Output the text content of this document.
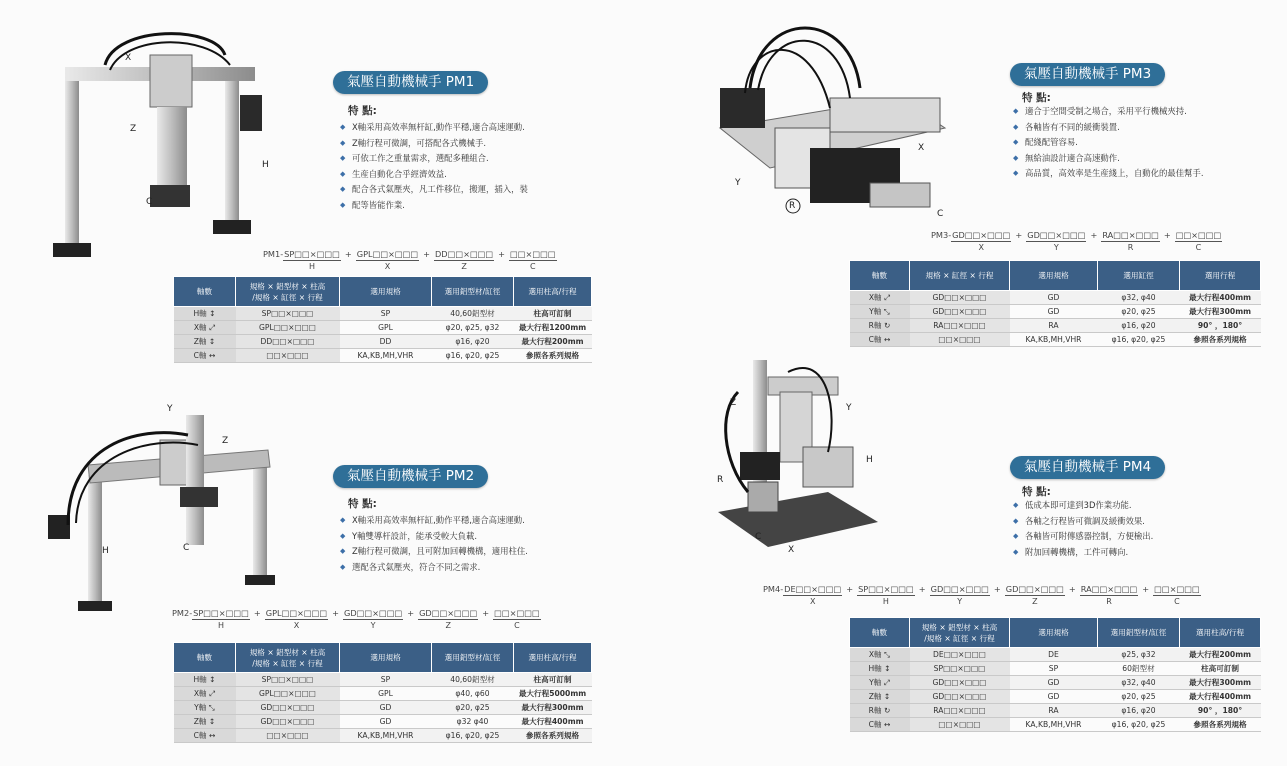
X
Z
H
C
氣壓自動機械手 PM1
特 點:
◆ X軸采用高效率無杆缸,動作平穩,適合高速運動.
◆ Z軸行程可微調，可搭配各式機械手.
◆ 可依工作之重量需求，選配多種組合.
◆ 生産自動化合乎經濟效益.
◆ 配合各式氣壓夾，凡工件移位，搬運，插入，裝
◆ 配等皆能作業.
$PM1- \frac{SP□□\times□□□}{H}$ + GPL□□×□□□
X
+ $\frac{DD□□\times□□□}{Z}$ + □□×□□□
C
軸數	規格 × 鋁型材 × 柱高
/規格 × 缸徑 × 行程	選用規格	選用鋁型材/缸徑	選用柱高/行程
H軸 ↕	SP□□×□□□	SP	40,60鋁型材	柱高可訂制
X軸 ⤢	GPL□□×□□□	GPL	φ20, φ25, φ32	最大行程1200mm
Z軸 ↕	DD□□×□□□	DD	φ16, φ20	最大行程200mm
C軸 ↔	□□×□□□	KA,KB,MH,VHR	φ16, φ20, φ25	參照各系列規格
Y
Z
H	C
氣壓自動機械手 PM2
特 點:
◆ X軸采用高效率無杆缸,動作平穩,適合高速運動.
◆ Y軸雙導杆設計，能承受較大負載.
◆ Z軸行程可微調，且可附加回轉機構，適用柱住.
◆ 選配各式氣壓夾，符合不同之需求.
$PM2- \frac{SP□□\times□□□}{H}$ + GPL□□×□□□
X
+ $\frac{GD□□\times□□□}{Y} + \frac{GD□□\times□□□}{Z}$ + □□×□□□
C
軸數	規格 × 鋁型材 × 柱高
/規格 × 缸徑 × 行程	選用規格	選用鋁型材/缸徑	選用柱高/行程
H軸 ↕	SP□□×□□□	SP	40,60鋁型材	柱高可訂制
X軸 ⤢	GPL□□×□□□	GPL	φ40, φ60	最大行程5000mm
Y軸 ⤡	GD□□×□□□	GD	φ20, φ25	最大行程300mm
Z軸 ↕	GD□□×□□□	GD	φ32 φ40	最大行程400mm
C軸 ↔	□□×□□□	KA,KB,MH,VHR	φ16, φ20, φ25	參照各系列規格
X
Y
R
C
氣壓自動機械手 PM3
特 點:
◆ 適合于空間受制之場合，采用平行機械夾持.
◆ 各軸皆有不同的緩衝裝置.
◆ 配綫配管容易.
◆ 無給油設計適合高速動作.
◆ 高品質，高效率是生産綫上，自動化的最佳幫手.
$PM3- \frac{GD□□\times□□□}{X} + \frac{GD□□\times□□□}{Y} + \frac{RA□□\times□□□}{R}$ + □□×□□□
C
軸數	規格 × 缸徑 × 行程	選用規格	選用缸徑	選用行程
X軸 ⤢	GD□□×□□□	GD	φ32, φ40	最大行程400mm
Y軸 ⤡	GD□□×□□□	GD	φ20, φ25	最大行程300mm
R軸 ↻	RA□□×□□□	RA	φ16, φ20	90° ，180°
C軸 ↔	□□×□□□	KA,KB,MH,VHR	φ16, φ20, φ25	參照各系列規格
Z	Y
H
R
C
X
氣壓自動機械手 PM4
特 點:
◆ 低成本即可達到3D作業功能.
◆ 各軸之行程皆可微調及緩衝效果.
◆ 各軸皆可附傳感器控制，方便檢出.
◆ 附加回轉機構，工件可轉向.
$PM4- \frac{DE□□\times□□□}{X} + \frac{SP□□\times□□□}{H} + \frac{GD□□\times□□□}{Y} + \frac{GD□□\times□□□}{Z} + \frac{RA□□\times□□□}{R}$ + □□×□□□
C
軸數	規格 × 鋁型材 × 柱高
/規格 × 缸徑 × 行程	選用規格	選用鋁型材/缸徑	選用柱高/行程
X軸 ⤡	DE□□×□□□	DE	φ25, φ32	最大行程200mm
H軸 ↕	SP□□×□□□	SP	60鋁型材	柱高可訂制
Y軸 ⤢	GD□□×□□□	GD	φ32, φ40	最大行程300mm
Z軸 ↕	GD□□×□□□	GD	φ20, φ25	最大行程400mm
R軸 ↻	RA□□×□□□	RA	φ16, φ20	90° ，180°
C軸 ↔	□□×□□□	KA,KB,MH,VHR	φ16, φ20, φ25	參照各系列規格
